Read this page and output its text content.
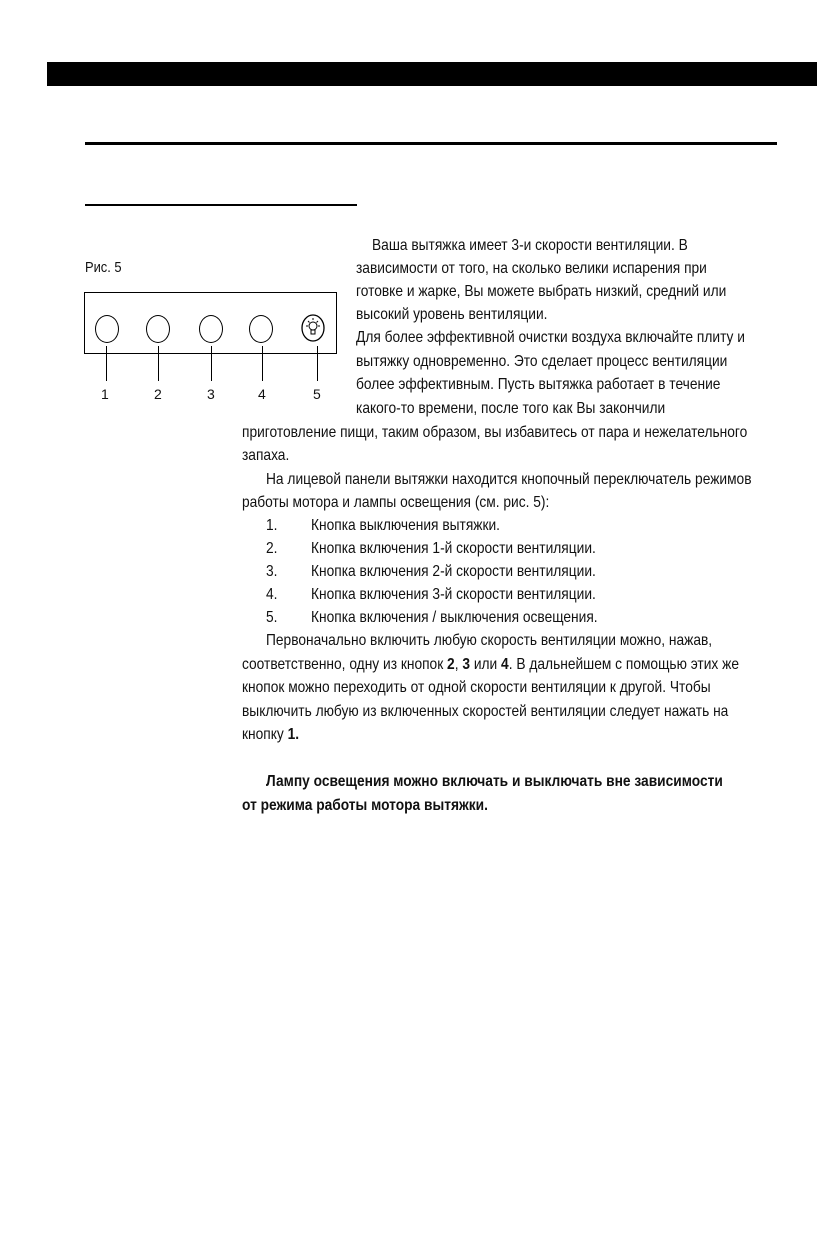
Рис. 5
1	2	3	4	5
Ваша вытяжка имеет 3-и скорости вентиляции. В
зависимости от того, на сколько велики испарения при
готовке и жарке, Вы можете выбрать низкий, средний или
высокий уровень вентиляции.
Для более эффективной очистки воздуха включайте плиту и
вытяжку одновременно. Это сделает процесс вентиляции
более эффективным. Пусть вытяжка работает в течение
какого-то времени, после того как Вы закончили
приготовление пищи, таким образом, вы избавитесь от пара и нежелательного
запаха.
На лицевой панели вытяжки находится кнопочный переключатель режимов
работы мотора и лампы освещения (см. рис. 5):
1. Кнопка выключения вытяжки.
2. Кнопка включения 1-й скорости вентиляции.
3. Кнопка включения 2-й скорости вентиляции.
4. Кнопка включения 3-й скорости вентиляции.
5. Кнопка включения / выключения освещения.
Первоначально включить любую скорость вентиляции можно, нажав,
соответственно, одну из кнопок 2, 3 или 4. В дальнейшем с помощью этих же
кнопок можно переходить от одной скорости вентиляции к другой. Чтобы
выключить любую из включенных скоростей вентиляции следует нажать на
кнопку 1.
Лампу освещения можно включать и выключать вне зависимости
от режима работы мотора вытяжки.
